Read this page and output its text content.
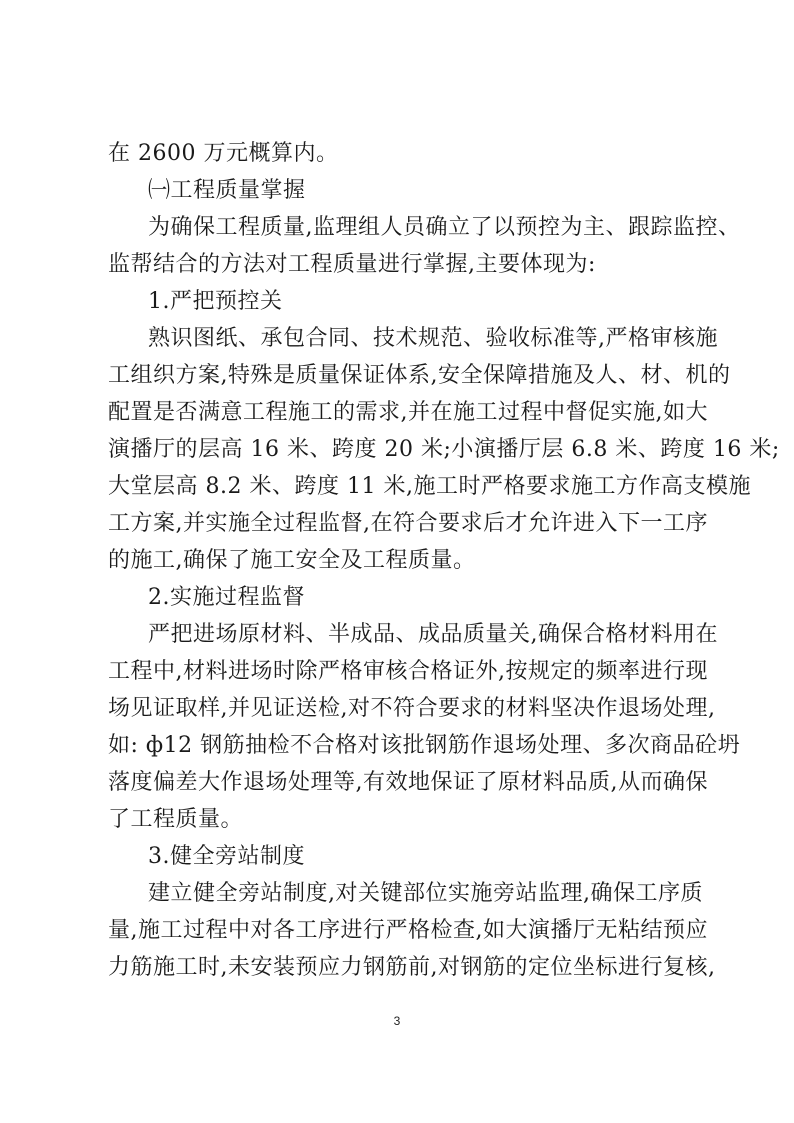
在 2600 万元概算内。
㈠工程质量掌握
为确保工程质量,监理组人员确立了以预控为主、跟踪监控、
监帮结合的方法对工程质量进行掌握,主要体现为:
1.严把预控关
熟识图纸、承包合同、技术规范、验收标准等,严格审核施
工组织方案,特殊是质量保证体系,安全保障措施及人、材、机的
配置是否满意工程施工的需求,并在施工过程中督促实施,如大
演播厅的层高 16 米、跨度 20 米;小演播厅层 6.8 米、跨度 16 米;
大堂层高 8.2 米、跨度 11 米,施工时严格要求施工方作高支模施
工方案,并实施全过程监督,在符合要求后才允许进入下一工序
的施工,确保了施工安全及工程质量。
2.实施过程监督
严把进场原材料、半成品、成品质量关,确保合格材料用在
工程中,材料进场时除严格审核合格证外,按规定的频率进行现
场见证取样,并见证送检,对不符合要求的材料坚决作退场处理,
如: ф12 钢筋抽检不合格对该批钢筋作退场处理、多次商品砼坍
落度偏差大作退场处理等,有效地保证了原材料品质,从而确保
了工程质量。
3.健全旁站制度
建立健全旁站制度,对关键部位实施旁站监理,确保工序质
量,施工过程中对各工序进行严格检查,如大演播厅无粘结预应
力筋施工时,未安装预应力钢筋前,对钢筋的定位坐标进行复核,
3
